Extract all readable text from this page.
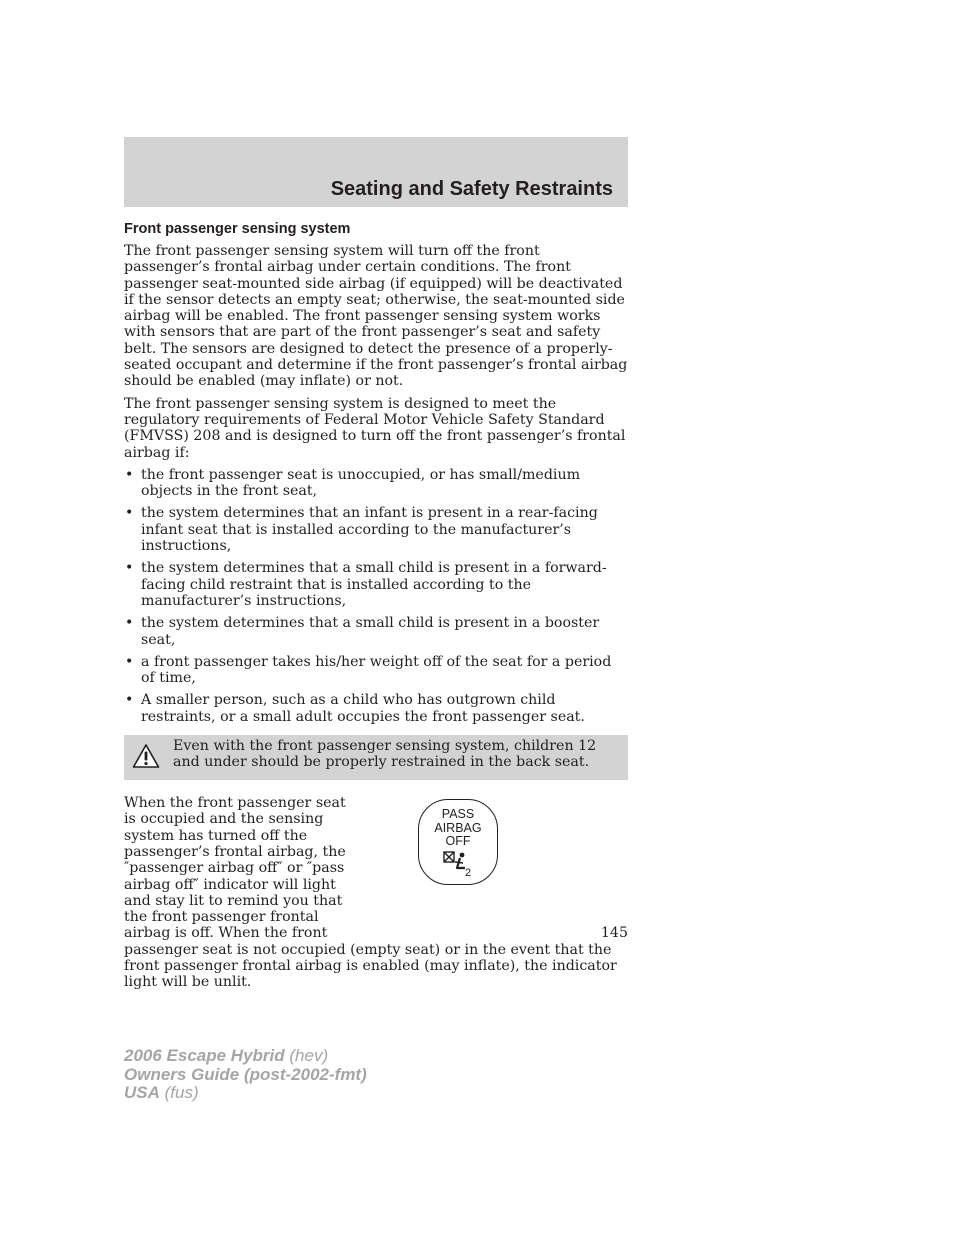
Seating and Safety Restraints
Front passenger sensing system

The front passenger sensing system will turn off the front passenger’s frontal airbag under certain conditions. The front passenger seat-mounted side airbag (if equipped) will be deactivated if the sensor detects an empty seat; otherwise, the seat-mounted side airbag will be enabled. The front passenger sensing system works with sensors that are part of the front passenger’s seat and safety belt. The sensors are designed to detect the presence of a properly-seated occupant and determine if the front passenger’s frontal airbag should be enabled (may inflate) or not.

The front passenger sensing system is designed to meet the regulatory requirements of Federal Motor Vehicle Safety Standard (FMVSS) 208 and is designed to turn off the front passenger’s frontal airbag if:

• the front passenger seat is unoccupied, or has small/medium objects in the front seat,
• the system determines that an infant is present in a rear-facing infant seat that is installed according to the manufacturer’s instructions,
• the system determines that a small child is present in a forward-facing child restraint that is installed according to the manufacturer’s instructions,
• the system determines that a small child is present in a booster seat,
• a front passenger takes his/her weight off of the seat for a period of time,
• A smaller person, such as a child who has outgrown child restraints, or a small adult occupies the front passenger seat.
Even with the front passenger sensing system, children 12 and under should be properly restrained in the back seat.
PASS
AIRBAG
OFF
2

When the front passenger seat is occupied and the sensing system has turned off the passenger’s frontal airbag, the ″passenger airbag off″ or ″pass airbag off″ indicator will light and stay lit to remind you that the front passenger frontal airbag is off. When the front passenger seat is not occupied (empty seat) or in the event that the front passenger frontal airbag is enabled (may inflate), the indicator light will be unlit.

145
2006 Escape Hybrid (hev)
Owners Guide (post-2002-fmt)
USA (fus)
